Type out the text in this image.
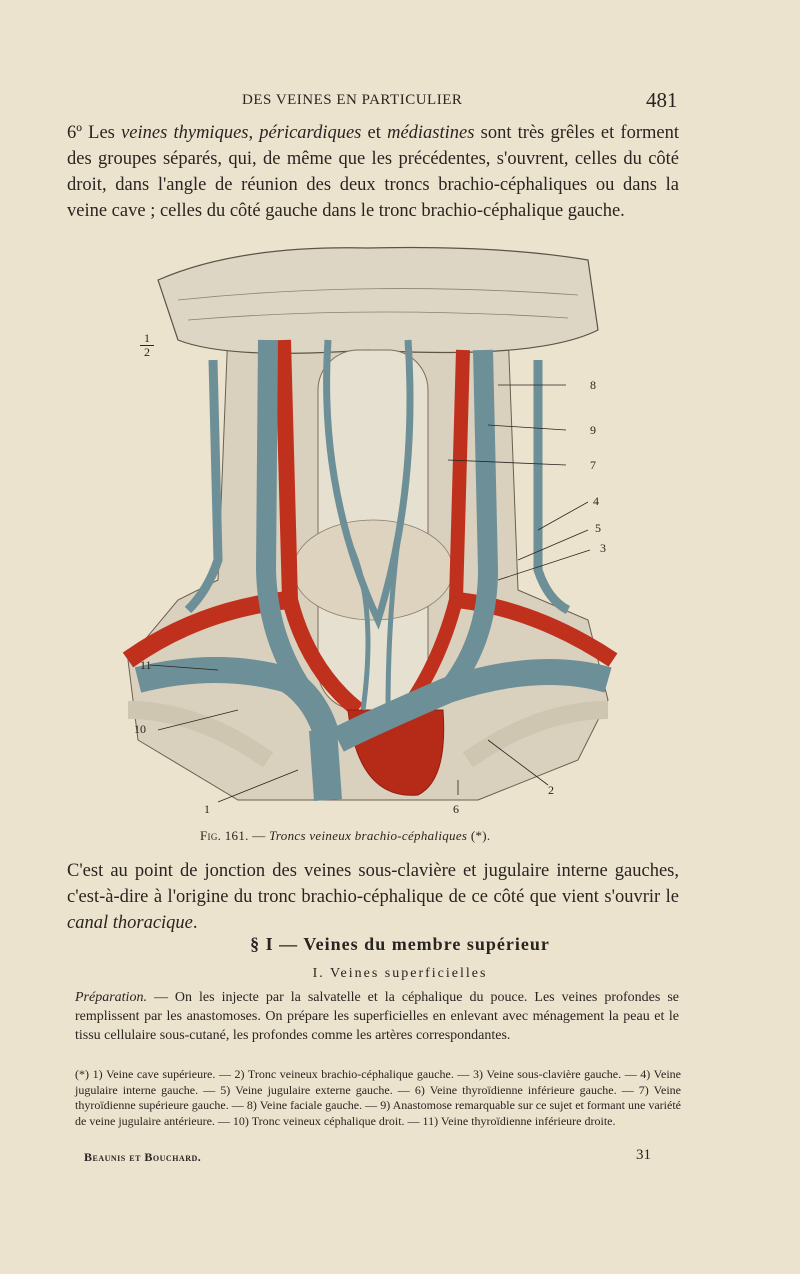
DES VEINES EN PARTICULIER	481

6º Les veines thymiques, péricardiques et médiastines sont très grêles et forment des groupes séparés, qui, de même que les précédentes, s'ouvrent, celles du côté droit, dans l'angle de réunion des deux troncs brachio-céphaliques ou dans la veine cave ; celles du côté gauche dans le tronc brachio-céphalique gauche.

$\frac{1}{2}$
8
9
7
4
5
3
11
10
1	6
2
Fig. 161. — Troncs veineux brachio-céphaliques (*).

C'est au point de jonction des veines sous-clavière et jugulaire interne gauches, c'est-à-dire à l'origine du tronc brachio-céphalique de ce côté que vient s'ouvrir le canal thoracique.

§ I — Veines du membre supérieur
I. Veines superficielles

Préparation. — On les injecte par la salvatelle et la céphalique du pouce. Les veines profondes se remplissent par les anastomoses. On prépare les superficielles en enlevant avec ménagement la peau et le tissu cellulaire sous-cutané, les profondes comme les artères correspondantes.

(*) 1) Veine cave supérieure. — 2) Tronc veineux brachio-céphalique gauche. — 3) Veine sous-clavière gauche. — 4) Veine jugulaire interne gauche. — 5) Veine jugulaire externe gauche. — 6) Veine thyroïdienne inférieure gauche. — 7) Veine thyroïdienne supérieure gauche. — 8) Veine faciale gauche. — 9) Anastomose remarquable sur ce sujet et formant une variété de veine jugulaire antérieure. — 10) Tronc veineux céphalique droit. — 11) Veine thyroïdienne inférieure droite.

Beaunis et Bouchard.	31
